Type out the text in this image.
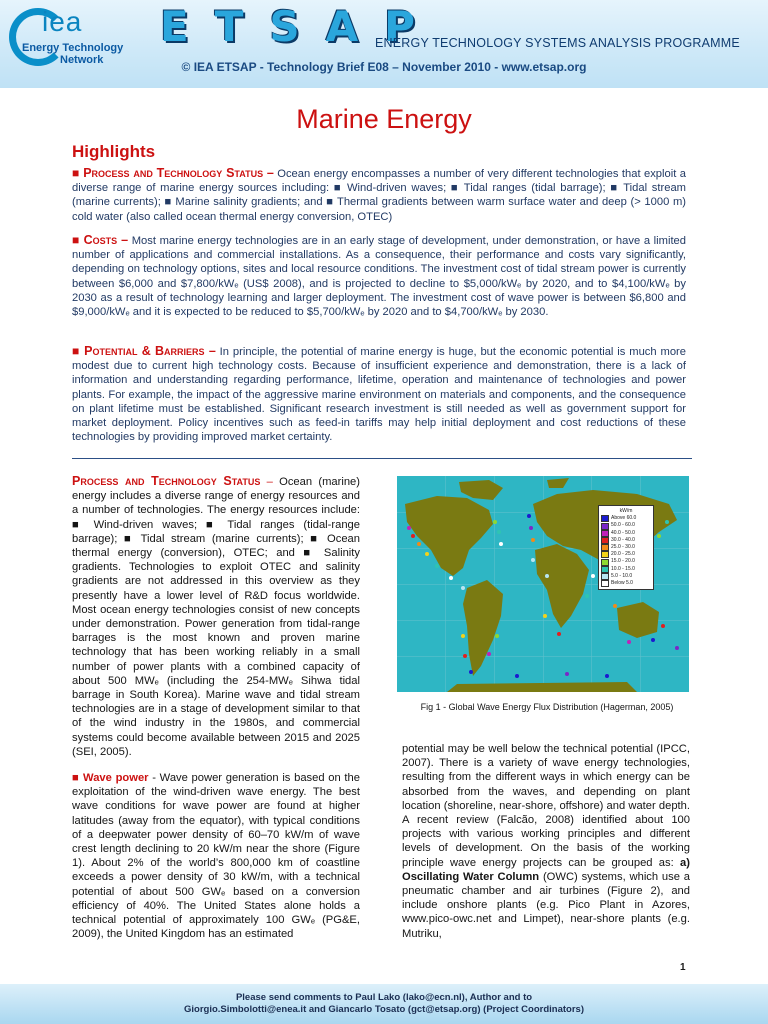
iea
Energy Technology
Network
ETSAP
ENERGY TECHNOLOGY SYSTEMS ANALYSIS PROGRAMME
© IEA ETSAP - Technology Brief E08 – November 2010 - www.etsap.org
Marine Energy
Highlights
■ Process and Technology Status – Ocean energy encompasses a number of very different technologies that exploit a diverse range of marine energy sources including: ■ Wind-driven waves; ■ Tidal ranges (tidal barrage); ■ Tidal stream (marine currents); ■ Marine salinity gradients; and ■ Thermal gradients between warm surface water and deep (> 1000 m) cold water (also called ocean thermal energy conversion, OTEC)
■ Costs – Most marine energy technologies are in an early stage of development, under demonstration, or have a limited number of applications and commercial installations. As a consequence, their performance and costs vary significantly, depending on technology options, sites and local resource conditions. The investment cost of tidal stream power is currently between $6,000 and $7,800/kWₑ (US$ 2008), and is projected to decline to $5,000/kWₑ by 2020, and to $4,100/kWₑ by 2030 as a result of technology learning and larger deployment. The investment cost of wave power is between $6,800 and $9,000/kWₑ and it is expected to be reduced to $5,700/kWₑ by 2020 and to $4,700/kWₑ by 2030.
■ Potential & Barriers – In principle, the potential of marine energy is huge, but the economic potential is much more modest due to current high technology costs. Because of insufficient experience and demonstration, there is a lack of information and understanding regarding performance, lifetime, operation and maintenance of technologies and power plants. For example, the impact of the aggressive marine environment on materials and components, and the consequence on plant lifetime must be established. Significant research investment is still needed as well as government support for market deployment. Policy incentives such as feed-in tariffs may help initial deployment and cost reductions of these technologies by providing improved market certainty.
Process and Technology Status – Ocean (marine) energy includes a diverse range of energy resources and a number of technologies. The energy resources include: ■ Wind-driven waves; ■ Tidal ranges (tidal-range barrage); ■ Tidal stream (marine currents); ■ Ocean thermal energy (conversion), OTEC; and ■ Salinity gradients. Technologies to exploit OTEC and salinity gradients are not addressed in this overview as they presently have a lower level of R&D focus worldwide. Most ocean energy technologies consist of new concepts under demonstration. Power generation from tidal-range barrages is the most known and proven marine technology that has been working reliably in a small number of power plants with a combined capacity of about 500 MWₑ (including the 254-MWₑ Sihwa tidal barrage in South Korea). Marine wave and tidal stream technologies are in a stage of development similar to that of the wind industry in the 1980s, and commercial systems could become available between 2015 and 2025 (SEI, 2005).
■ Wave power - Wave power generation is based on the exploitation of the wind-driven wave energy. The best wave conditions for wave power are found at higher latitudes (away from the equator), with typical conditions of a deepwater power density of 60–70 kW/m of wave crest length declining to 20 kW/m near the shore (Figure 1). About 2% of the world’s 800,000 km of coastline exceeds a power density of 30 kW/m, with a technical potential of about 500 GWₑ based on a conversion efficiency of 40%. The United States alone holds a technical potential of approximately 100 GWₑ (PG&E, 2009), the United Kingdom has an estimated
kW/m
Above 60.0
50.0 - 60.0
40.0 - 50.0
30.0 - 40.0
25.0 - 30.0
20.0 - 25.0
15.0 - 20.0
10.0 - 15.0
5.0 - 10.0
Below 5.0
Fig 1 - Global Wave Energy Flux Distribution (Hagerman, 2005)
potential may be well below the technical potential (IPCC, 2007). There is a variety of wave energy technologies, resulting from the different ways in which energy can be absorbed from the waves, and depending on plant location (shoreline, near-shore, offshore) and water depth. A recent review (Falcão, 2008) identified about 100 projects with various working principles and different levels of development. On the basis of the working principle wave energy projects can be grouped as: a) Oscillating Water Column (OWC) systems, which use a pneumatic chamber and air turbines (Figure 2), and include onshore plants (e.g. Pico Plant in Azores, www.pico-owc.net and Limpet), near-shore plants (e.g. Mutriku,
1
Please send comments to Paul Lako (lako@ecn.nl), Author and to
Giorgio.Simbolotti@enea.it and Giancarlo Tosato (gct@etsap.org) (Project Coordinators)
